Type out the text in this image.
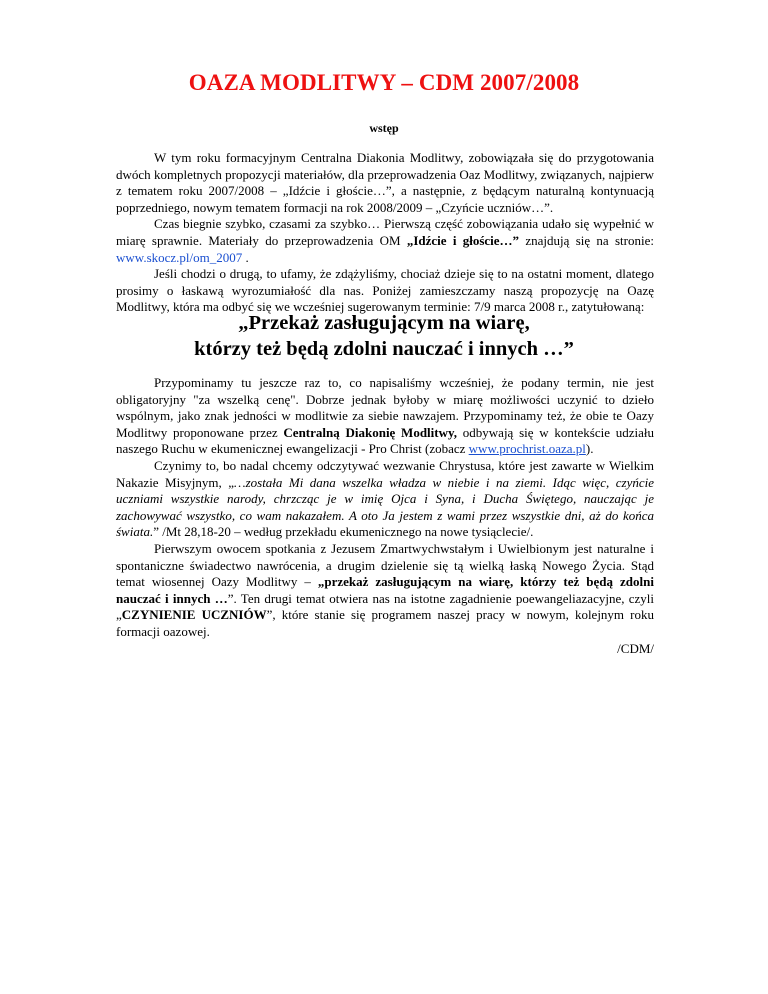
OAZA MODLITWY – CDM 2007/2008
wstęp

W tym roku formacyjnym Centralna Diakonia Modlitwy, zobowiązała się do przygotowania dwóch kompletnych propozycji materiałów, dla przeprowadzenia Oaz Modlitwy, związanych, najpierw z tematem roku 2007/2008 – „Idźcie i głoście…”, a następnie, z będącym naturalną kontynuacją poprzedniego, nowym tematem formacji na rok 2008/2009 – „Czyńcie uczniów…”.

Czas biegnie szybko, czasami za szybko… Pierwszą część zobowiązania udało się wypełnić w miarę sprawnie. Materiały do przeprowadzenia OM „Idźcie i głoście…” znajdują się na stronie: www.skocz.pl/om_2007 .

Jeśli chodzi o drugą, to ufamy, że zdążyliśmy, chociaż dzieje się to na ostatni moment, dlatego prosimy o łaskawą wyrozumiałość dla nas. Poniżej zamieszczamy naszą propozycję na Oazę Modlitwy, która ma odbyć się we wcześniej sugerowanym terminie: 7/9 marca 2008 r., zatytułowaną:

„Przekaż zasługującym na wiarę,
którzy też będą zdolni nauczać i innych …”

Przypominamy tu jeszcze raz to, co napisaliśmy wcześniej, że podany termin, nie jest obligatoryjny "za wszelką cenę". Dobrze jednak byłoby w miarę możliwości uczynić to dzieło wspólnym, jako znak jedności w modlitwie za siebie nawzajem. Przypominamy też, że obie te Oazy Modlitwy proponowane przez Centralną Diakonię Modlitwy, odbywają się w kontekście udziału naszego Ruchu w ekumenicznej ewangelizacji - Pro Christ (zobacz www.prochrist.oaza.pl).

Czynimy to, bo nadal chcemy odczytywać wezwanie Chrystusa, które jest zawarte w Wielkim Nakazie Misyjnym, „…została Mi dana wszelka władza w niebie i na ziemi. Idąc więc, czyńcie uczniami wszystkie narody, chrzcząc je w imię Ojca i Syna, i Ducha Świętego, nauczając je zachowywać wszystko, co wam nakazałem. A oto Ja jestem z wami przez wszystkie dni, aż do końca świata.” /Mt 28,18-20 – według przekładu ekumenicznego na nowe tysiąclecie/.

Pierwszym owocem spotkania z Jezusem Zmartwychwstałym i Uwielbionym jest naturalne i spontaniczne świadectwo nawrócenia, a drugim dzielenie się tą wielką łaską Nowego Życia. Stąd temat wiosennej Oazy Modlitwy – „przekaż zasługującym na wiarę, którzy też będą zdolni nauczać i innych …”. Ten drugi temat otwiera nas na istotne zagadnienie poewangeliazacyjne, czyli „CZYNIENIE UCZNIÓW”, które stanie się programem naszej pracy w nowym, kolejnym roku formacji oazowej.

/CDM/
